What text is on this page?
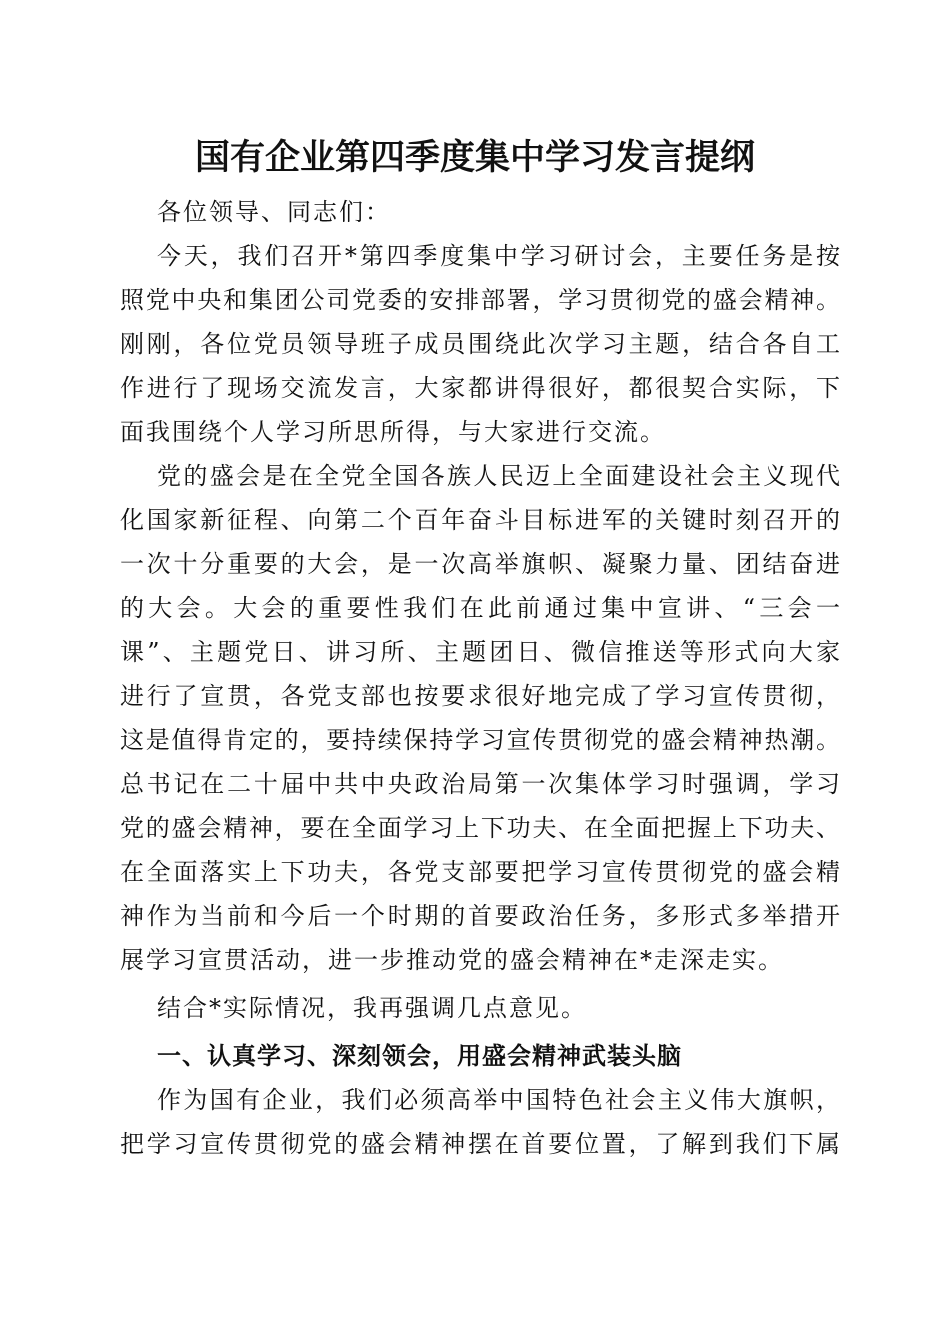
国有企业第四季度集中学习发言提纲
各位领导、同志们：
今天，我们召开*第四季度集中学习研讨会，主要任务是按
照党中央和集团公司党委的安排部署，学习贯彻党的盛会精神。
刚刚，各位党员领导班子成员围绕此次学习主题，结合各自工
作进行了现场交流发言，大家都讲得很好，都很契合实际，下
面我围绕个人学习所思所得，与大家进行交流。
党的盛会是在全党全国各族人民迈上全面建设社会主义现代
化国家新征程、向第二个百年奋斗目标进军的关键时刻召开的
一次十分重要的大会，是一次高举旗帜、凝聚力量、团结奋进
的大会。大会的重要性我们在此前通过集中宣讲、“三会一
课”、主题党日、讲习所、主题团日、微信推送等形式向大家
进行了宣贯，各党支部也按要求很好地完成了学习宣传贯彻，
这是值得肯定的，要持续保持学习宣传贯彻党的盛会精神热潮。
总书记在二十届中共中央政治局第一次集体学习时强调，学习
党的盛会精神，要在全面学习上下功夫、在全面把握上下功夫、
在全面落实上下功夫，各党支部要把学习宣传贯彻党的盛会精
神作为当前和今后一个时期的首要政治任务，多形式多举措开
展学习宣贯活动，进一步推动党的盛会精神在*走深走实。
结合*实际情况，我再强调几点意见。
一、认真学习、深刻领会，用盛会精神武装头脑
作为国有企业，我们必须高举中国特色社会主义伟大旗帜，
把学习宣传贯彻党的盛会精神摆在首要位置，了解到我们下属
